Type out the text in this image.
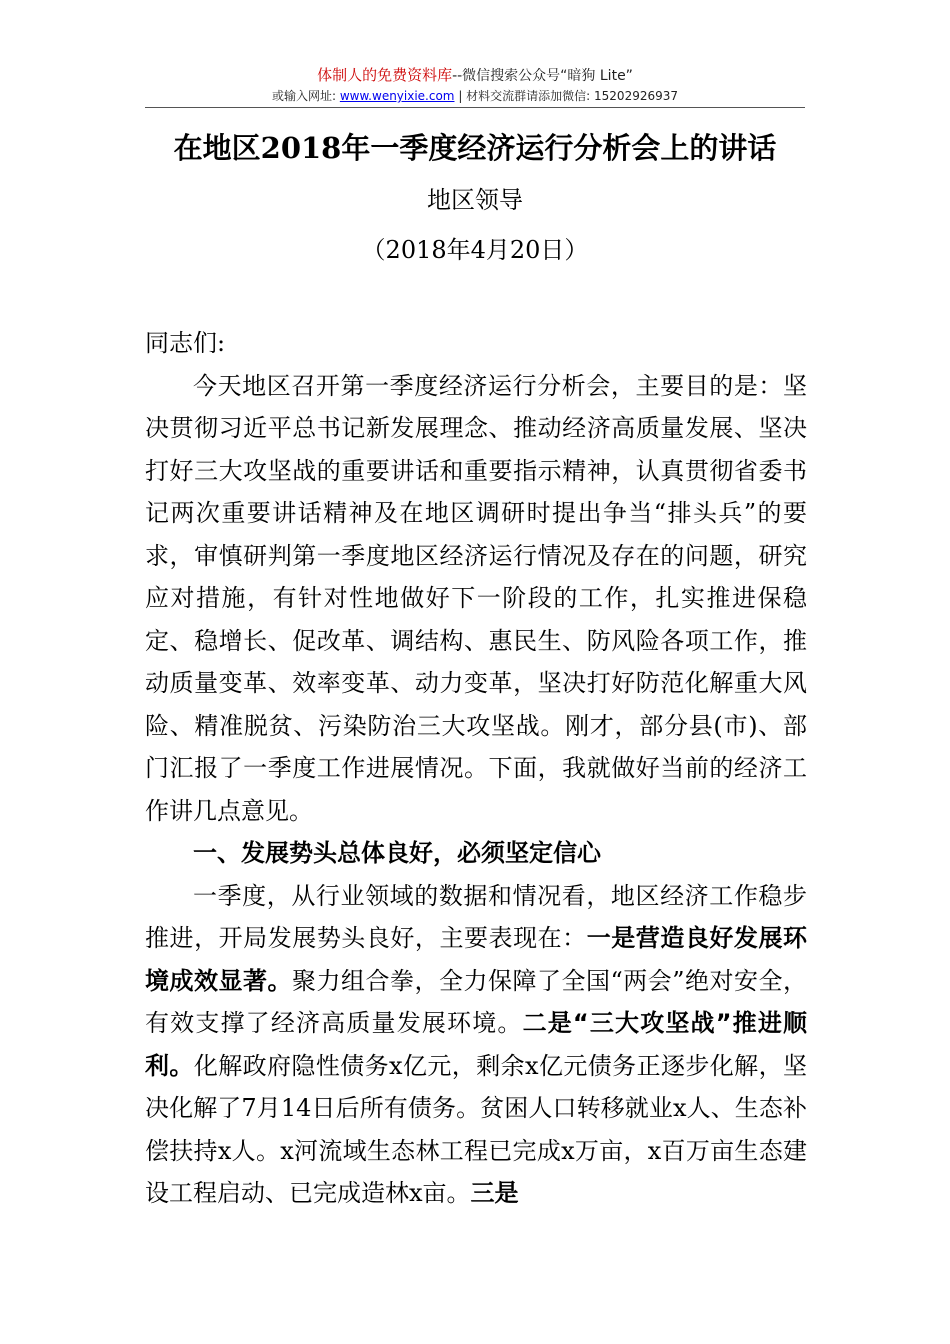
体制人的免费资料库--微信搜索公众号“暗狗 Lite”
或输入网址: www.wenyixie.com | 材料交流群请添加微信: 15202926937
在地区2018年一季度经济运行分析会上的讲话
地区领导
（2018年4月20日）

同志们:

今天地区召开第一季度经济运行分析会，主要目的是：坚决贯彻习近平总书记新发展理念、推动经济高质量发展、坚决打好三大攻坚战的重要讲话和重要指示精神，认真贯彻省委书记两次重要讲话精神及在地区调研时提出争当“排头兵”的要求，审慎研判第一季度地区经济运行情况及存在的问题，研究应对措施，有针对性地做好下一阶段的工作，扎实推进保稳定、稳增长、促改革、调结构、惠民生、防风险各项工作，推动质量变革、效率变革、动力变革，坚决打好防范化解重大风险、精准脱贫、污染防治三大攻坚战。刚才，部分县(市)、部门汇报了一季度工作进展情况。下面，我就做好当前的经济工作讲几点意见。

一、发展势头总体良好，必须坚定信心

一季度，从行业领域的数据和情况看，地区经济工作稳步推进，开局发展势头良好，主要表现在：一是营造良好发展环境成效显著。聚力组合拳，全力保障了全国“两会”绝对安全，有效支撑了经济高质量发展环境。二是“三大攻坚战”推进顺利。化解政府隐性债务x亿元，剩余x亿元债务正逐步化解，坚决化解了7月14日后所有债务。贫困人口转移就业x人、生态补偿扶持x人。x河流域生态林工程已完成x万亩，x百万亩生态建设工程启动、已完成造林x亩。三是
